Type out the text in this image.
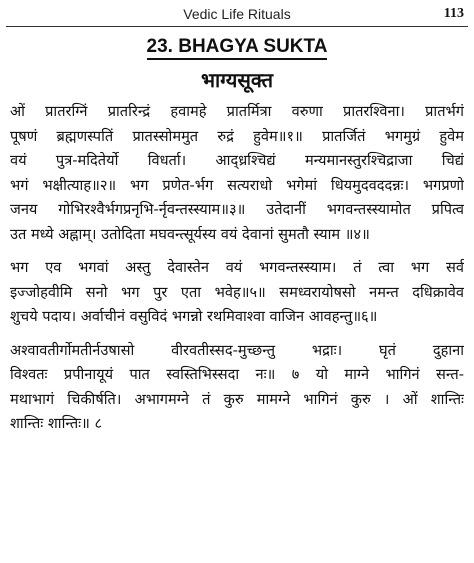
Vedic Life Rituals	113
23. BHAGYA SUKTA
भाग्यसूक्त
ओं प्रातरग्निं प्रातरिन्द्रं हवामहे प्रातर्मित्रा वरुणा प्रातरश्विना। प्रातर्भगं
पूषणं ब्रह्मणस्पतिं प्रातस्सोममुत रुद्रं हुवेम॥१॥ प्रातर्जितं भगमुग्रं हुवेम
वयं पुत्र-मदितेर्यो विधर्ता। आद्ध्रश्चिद्यं मन्यमानस्तुरश्चिद्राजा चिद्यं
भगं भक्षीत्याह॥२॥ भग प्रणेत-र्भग सत्यराधो भगेमां धियमुदवददन्नः। भगप्रणो
जनय गोभिरश्वैर्भगप्रनृभि-र्नृवन्तस्स्याम॥३॥ उतेदानीं भगवन्तस्स्यामोत प्रपित्व
उत मध्ये अह्नाम्। उतोदिता मघवन्त्सूर्यस्य वयं देवानां सुमतौ स्याम ॥४॥
भग एव भगवां अस्तु देवास्तेन वयं भगवन्तस्स्याम। तं त्वा भग सर्व
इज्जोहवीमि सनो भग पुर एता भवेह॥५॥ समध्वरायोषसो नमन्त दधिक्रावेव
शुचये पदाय। अर्वाचीनं वसुविदं भगन्नो रथमिवाश्वा वाजिन आवहन्तु॥६॥
अश्वावतीर्गोमतीर्नउषासो वीरवतीस्सद-मुच्छन्तु भद्राः। घृतं दुहाना
विश्वतः प्रपीनायूयं पात स्वस्तिभिस्सदा नः॥ ७ यो माग्ने भागिनं सन्त-
मथाभागं चिकीर्षति। अभागमग्ने तं कुरु मामग्ने भागिनं कुरु । ओं शान्तिः
शान्तिः शान्तिः॥ ८
